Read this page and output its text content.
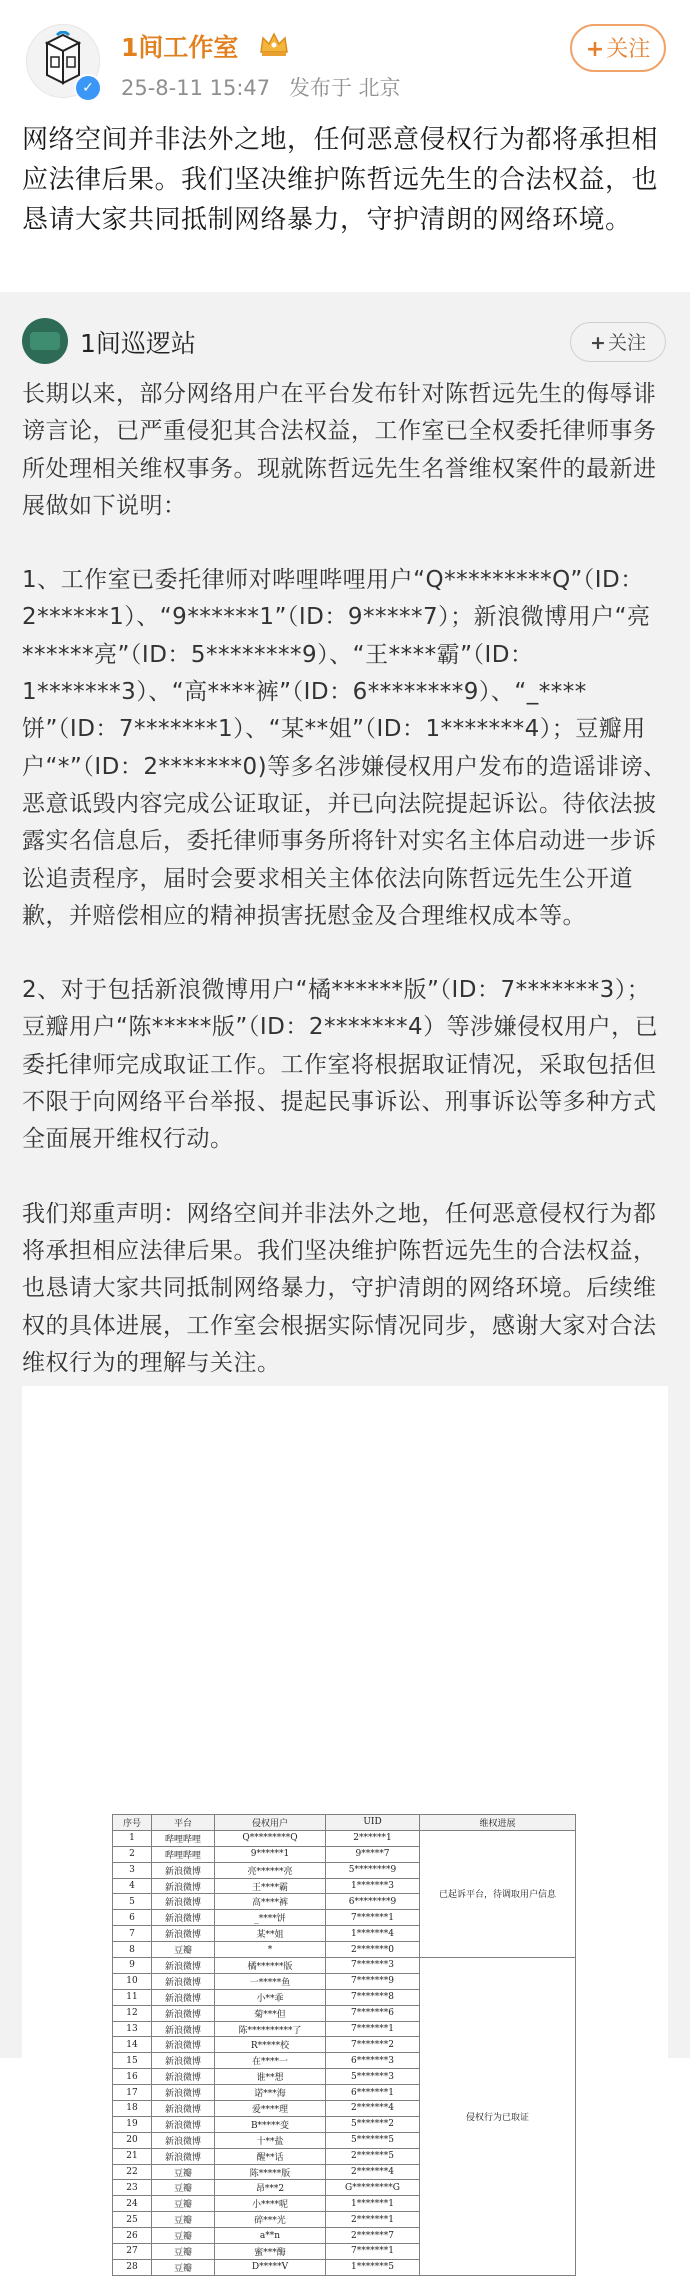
✓
1间工作室
25-8-11 15:47 发布于 北京
+关注
网络空间并非法外之地，任何恶意侵权行为都将承担相应法律后果。我们坚决维护陈哲远先生的合法权益，也恳请大家共同抵制网络暴力，守护清朗的网络环境。
1间巡逻站	+ 关注

长期以来，部分网络用户在平台发布针对陈哲远先生的侮辱诽谤言论，已严重侵犯其合法权益，工作室已全权委托律师事务所处理相关维权事务。现就陈哲远先生名誉维权案件的最新进展做如下说明：

1、工作室已委托律师对哔哩哔哩用户“Q*********Q”（ID：2******1）、“9******1”（ID：9*****7）；新浪微博用户“亮******亮”（ID：5********9）、“王****霸”（ID：1*******3）、“高****裤”（ID：6********9）、“_****饼”（ID：7*******1）、“某**姐”（ID：1*******4）；豆瓣用户“*”（ID：2*******0)等多名涉嫌侵权用户发布的造谣诽谤、恶意诋毁内容完成公证取证，并已向法院提起诉讼。待依法披露实名信息后，委托律师事务所将针对实名主体启动进一步诉讼追责程序，届时会要求相关主体依法向陈哲远先生公开道歉，并赔偿相应的精神损害抚慰金及合理维权成本等。

2、对于包括新浪微博用户“橘******版”（ID：7*******3）；豆瓣用户“陈*****版”（ID：2*******4）等涉嫌侵权用户，已委托律师完成取证工作。工作室将根据取证情况，采取包括但不限于向网络平台举报、提起民事诉讼、刑事诉讼等多种方式全面展开维权行动。

我们郑重声明：网络空间并非法外之地，任何恶意侵权行为都将承担相应法律后果。我们坚决维护陈哲远先生的合法权益，也恳请大家共同抵制网络暴力，守护清朗的网络环境。后续维权的具体进展，工作室会根据实际情况同步，感谢大家对合法维权行为的理解与关注。

序号	平台	侵权用户	UID	维权进展
1	哔哩哔哩	Q*********Q	2******1	已起诉平台，待调取用户信息
2	哔哩哔哩	9******1	9*****7	
3	新浪微博	亮******亮	5********9	
4	新浪微博	王****霸	1*******3	
5	新浪微博	高****裤	6********9	
6	新浪微博	_****饼	7*******1	
7	新浪微博	某**姐	1*******4	
8	豆瓣	*	2*******0	
9	新浪微博	橘******版	7*******3	侵权行为已取证
10	新浪微博	一*****鱼	7*******9	
11	新浪微博	小**乖	7*******8	
12	新浪微博	菊***但	7*******6	
13	新浪微博	陈**********了	7*******1	
14	新浪微博	R*****校	7*******2	
15	新浪微博	在****一	6*******3	
16	新浪微博	谁**想	5*******3	
17	新浪微博	诺***海	6*******1	
18	新浪微博	爱****理	2*******4	
19	新浪微博	B*****变	5*******2	
20	新浪微博	十**盐	5*******5	
21	新浪微博	醒**话	2*******5	
22	豆瓣	陈*****版	2*******4	
23	豆瓣	昂***2	G*********G	
24	豆瓣	小****呢	1*******1	
25	豆瓣	碎***光	2*******1	
26	豆瓣	a**n	2*******7	
27	豆瓣	蜜***酶	7*******1	
28	豆瓣	D*****V	1*******5	
